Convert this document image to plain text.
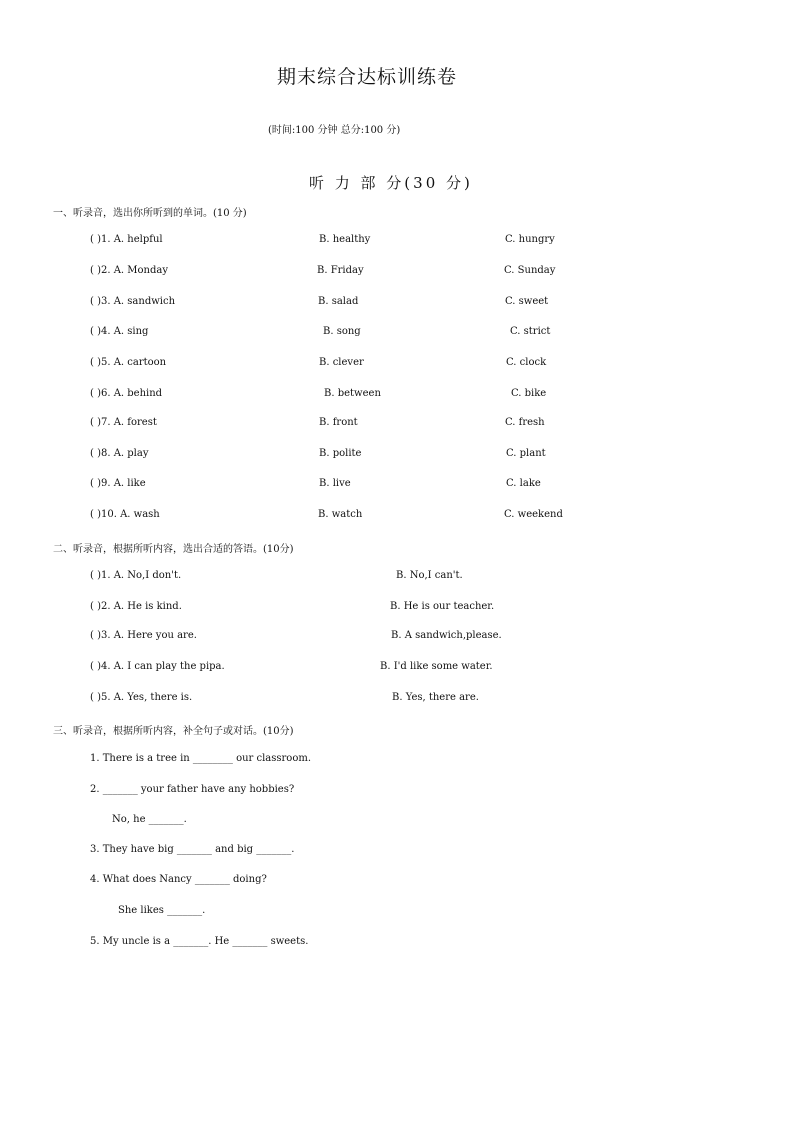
期末综合达标训练卷
(时间:100 分钟 总分:100 分)
听 力 部 分(30 分)
一、听录音，选出你所听到的单词。(10 分)
( )1. A. helpful	B. healthy	C. hungry
( )2. A. Monday	B. Friday	C. Sunday
( )3. A. sandwich	B. salad	C. sweet
( )4. A. sing	B. song	C. strict
( )5. A. cartoon	B. clever	C. clock
( )6. A. behind	B. between	C. bike
( )7. A. forest	B. front	C. fresh
( )8. A. play	B. polite	C. plant
( )9. A. like	B. live	C. lake
( )10. A. wash	B. watch	C. weekend
二、听录音，根据所听内容，选出合适的答语。(10分)
( )1. A. No,I don't.	B. No,I can't.
( )2. A. He is kind.	B. He is our teacher.
( )3. A. Here you are.	B. A sandwich,please.
( )4. A. I can play the pipa.	B. I'd like some water.
( )5. A. Yes, there is.	B. Yes, there are.
三、听录音，根据所听内容，补全句子或对话。(10分)
1. There is a tree in ________ our classroom.
2. _______ your father have any hobbies?
No, he _______.
3. They have big _______ and big _______.
4. What does Nancy _______ doing?
She likes _______.
5. My uncle is a _______. He _______ sweets.
